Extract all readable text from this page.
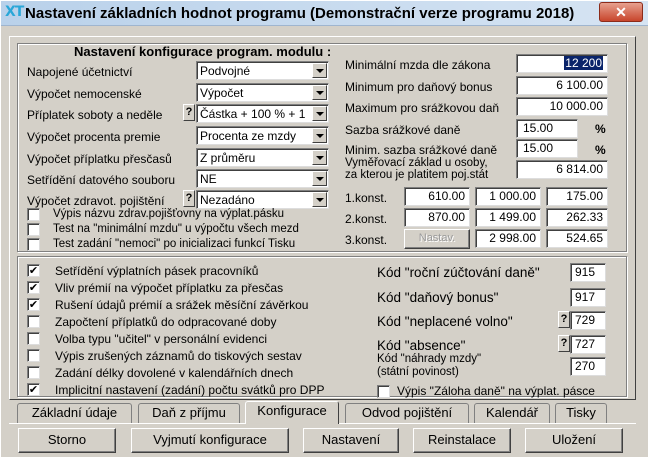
XT Nastavení základních hodnot programu (Demonstrační verze programu 2018)	✕
Nastavení konfigurace program. modulu :
Napojené účetnictví	Podvojné
Výpočet nemocenské	Výpočet
Příplatek soboty a neděle ? Částka + 100 % + 1
Výpočet procenta premie	Procenta ze mzdy
Výpočet příplatku přesčasů Z průměru
Setřídění datového souboru NE
Výpočet zdravot. pojištění ? Nezadáno
Výpis názvu zdrav.pojišťovny na výplat.pásku
Test na "minimální mzdu" u výpočtu všech mezd
Test zadání "nemoci" po inicializaci funkcí Tisku
Minimální mzda dle zákona	12 200
Minimum pro daňový bonus	6 100.00
Maximum pro srážkovou daň	10 000.00
Sazba srážkové daně	15.00	%
Minim. sazba srážkové daně	15.00	%
Vyměřovací základ u osoby,
za kterou je platitem poj.stát	6 814.00
1.konst.	610.00	1 000.00	175.00
2.konst.	870.00	1 499.00	262.33
3.konst.	Nastav.	2 998.00	524.65
✔ Setřídění výplatních pásek pracovníků
✔ Vliv prémií na výpočet příplatku za přesčas
✔ Rušení údajů prémií a srážek měsíční závěrkou
Započtení příplatků do odpracované doby
Volba typu "učitel" v personální evidenci
Výpis zrušených záznamů do tiskových sestav
Zadání délky dovolené v kalendářních dnech
✔ Implicitní nastavení (zadání) počtu svátků pro DPP
Kód "roční zúčtování daně"	915
Kód "daňový bonus"	917
Kód "neplacené volno"	? 729
Kód "absence"	? 727
Kód "náhrady mzdy"
(státní povinost)	270
Výpis "Záloha daně" na výplat. pásce
Základní údaje	Daň z příjmu	Konfigurace	Odvod pojištění	Kalendář	Tisky
Storno	Vyjmutí konfigurace	Nastavení	Reinstalace	Uložení
